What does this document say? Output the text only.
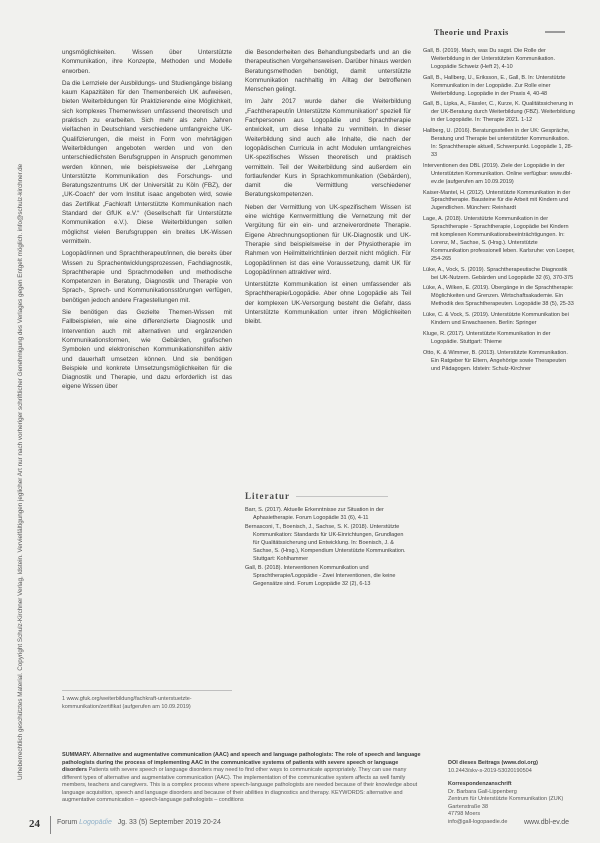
Urheberrechtlich geschütztes Material. Copyright Schulz-Kirchner Verlag, Idstein. Vervielfältigungen jeglicher Art nur nach vorheriger schriftlicher Genehmigung des Verlages gegen Entgelt möglich. info@schulz-kirchner.de
Theorie und Praxis

ungsmöglichkeiten. Wissen über Unterstützte Kommunikation, ihre Konzepte, Methoden und Modelle erworben.

Da die Lernziele der Ausbildungs- und Studiengänge bislang kaum Kapazitäten für den Themenbereich UK aufweisen, bieten Weiterbildungen für Praktizierende eine Möglichkeit, sich komplexes Themenwissen umfassend theoretisch und praktisch zu erarbeiten. Sich mehr als zehn Jahren vielfachen in Deutschland verschiedene umfangreiche UK-Qualifizierungen, die meist in Form von mehrtägigen Weiterbildungen angeboten werden und von den unterschiedlichsten Berufsgruppen in Anspruch genommen werden können, wie beispielsweise der „Lehrgang Unterstützte Kommunikation des Forschungs- und Beratungszentrums UK der Universität zu Köln (FBZ), der „UK-Coach“ der vom Institut isaac angeboten wird, sowie das Zertifikat „Fachkraft Unterstützte Kommunikation nach Standard der GfUK e.V.“ (Gesellschaft für Unterstützte Kommunikation e.V.). Diese Weiterbildungen sollen möglichst vielen Berufsgruppen ein breites UK-Wissen vermitteln.

Logopäd/innen und Sprachtherapeut/innen, die bereits über Wissen zu Sprachentwicklungsprozessen, Fachdiagnostik, Sprachtherapie und Sprachmodellen und methodische Kompetenzen in Beratung, Diagnostik und Therapie von Sprach-, Sprech- und Kommunikationsstörungen verfügen, benötigen jedoch andere Fragestellungen mit.

Sie benötigen das Gezielte Themen-Wissen mit Fallbeispielen, wie eine differenzierte Diagnostik und Intervention auch mit alternativen und ergänzenden Kommunikationsformen, wie Gebärden, grafischen Symbolen und elektronischen Kommunikationshilfen aktiv und dauerhaft umsetzen können. Und sie benötigen Beispiele und konkrete Umsetzungsmöglichkeiten für die Diagnostik und Therapie, und dazu erforderlich ist das eigene Wissen über

die Besonderheiten des Behandlungsbedarfs und an die therapeutischen Vorgehensweisen. Darüber hinaus werden Beratungsmethoden benötigt, damit unterstützte Kommunikation nachhaltig im Alltag der betroffenen Menschen gelingt.

Im Jahr 2017 wurde daher die Weiterbildung „Fachtherapeut/in Unterstützte Kommunikation“ speziell für Fachpersonen aus Logopädie und Sprachtherapie entwickelt, um diese Inhalte zu vermitteln. In dieser Weiterbildung sind auch alle Inhalte, die nach der logopädischen Curricula in acht Modulen umfangreiches UK-spezifisches Wissen theoretisch und praktisch vermitteln. Teil der Weiterbildung sind außerdem ein fortlaufender Kurs in Sprachkommunikation (Gebärden), damit die Vermittlung verschiedener Beratungskompetenzen.

Neben der Vermittlung von UK-spezifischem Wissen ist eine wichtige Kernvermittlung die Vernetzung mit der Vergütung für ein ein- und arzneiverordnete Therapie. Eigene Abrechnungsoptionen für UK-Diagnostik und UK-Therapie sind beispielsweise in der Physiotherapie im Rahmen von Heilmittelrichtlinien derzeit nicht möglich. Für Logopäd/innen ist das eine Voraussetzung, damit UK für Logopäd/innen attraktiver wird.

Unterstützte Kommunikation ist einen umfassender als Sprachtherapie/Logopädie. Aber ohne Logopädie als Teil der komplexen UK-Versorgung besteht die Gefahr, dass Unterstützte Kommunikation unter ihren Möglichkeiten bleibt.

Literatur

Barr, S. (2017). Aktuelle Erkenntnisse zur Situation in der Aphasietherapie. Forum Logopädie 31 (6), 4-11

Bernasconi, T., Boenisch, J., Sachse, S. K. (2018). Unterstützte Kommunikation: Standards für UK-Einrichtungen, Grundlagen für Qualitätssicherung und Entwicklung. In: Boenisch, J. & Sachse, S. (Hrsg.), Kompendium Unterstützte Kommunikation. Stuttgart: Kohlhammer

Gall, B. (2018). Interventionen Kommunikation und Sprachtherapie/Logopädie - Zwei Interventionen, die keine Gegensätze sind. Forum Logopädie 32 (2), 6-13

Gall, B. (2019). Mach, was Du sagst. Die Rolle der Weiterbildung in der Unterstützten Kommunikation. Logopädie Schweiz (Heft 2), 4-10

Gall, B., Hallberg, U., Eriksson, E., Gall, B. In: Unterstützte Kommunikation in der Logopädie. Zur Rolle einer Weiterbildung. Logopädie in der Praxis 4, 40-48

Gall, B., Lipka, A., Fässler, C., Kurze, K. Qualitätssicherung in der UK-Beratung durch Weiterbildung (FBZ). Weiterbildung in der Logopädie. In: Therapie 2021. 1-12

Hallberg, U. (2016). Beratungsstellen in der UK: Gespräche, Beratung und Therapie bei unterstützter Kommunikation. In: Sprachtherapie aktuell, Schwerpunkt. Logopädie 1, 28-33

Interventionen des DBL (2019). Ziele der Logopädie in der Unterstützten Kommunikation. Online verfügbar: www.dbl-ev.de (aufgerufen am 10.09.2019)

Kaiser-Mantel, H. (2012). Unterstützte Kommunikation in der Sprachtherapie. Bausteine für die Arbeit mit Kindern und Jugendlichen. München: Reinhardt

Lage, A. (2018). Unterstützte Kommunikation in der Sprachtherapie - Sprachtherapie, Logopädie bei Kindern mit komplexen Kommunikationsbeeinträchtigungen. In: Lorenz, M., Sachse, S. (Hrsg.). Unterstützte Kommunikation professionell leben. Karlsruhe: von Loeper, 254-265

Lüke, A., Vock, S. (2019). Sprachtherapeutische Diagnostik bei UK-Nutzern. Gebärden und Logopädie 32 (6), 370-375

Lüke, A., Wilken, E. (2019). Übergänge in die Sprachtherapie: Möglichkeiten und Grenzen. Wirtschaftsakademie. Ein Methodik des Sprachtherapeuten. Logopädie 38 (5), 25-33

Lüke, C. & Vock, S. (2019). Unterstützte Kommunikation bei Kindern und Erwachsenen. Berlin: Springer

Kluge, R. (2017). Unterstützte Kommunikation in der Logopädie. Stuttgart: Thieme

Otto, K. & Wimmer, B. (2013). Unterstützte Kommunikation. Ein Ratgeber für Eltern, Angehörige sowie Therapeuten und Pädagogen. Idstein: Schulz-Kirchner

1 www.gfuk.org/weiterbildung/fachkraft-unterstuetzte-kommunikation/zertifikat (aufgerufen am 10.09.2019)
SUMMARY. Alternative and augmentative communication (AAC) and speech and language pathologists: The role of speech and language pathologists during the process of implementing AAC in the communicative systems of patients with severe speech or language disorders Patients with severe speech or language disorders may need to find other ways to communicate appropriately. They can use many different types of alternative and augmentative communication (AAC). The implementation of the communicative system affects as well family members, teachers and caregivers. This is a complex process where speech-language pathologists are needed because of their knowledge about language acquisition, speech and language disorders and because of their abilities in diagnostics and therapy. KEYWORDS: alternative and augmentative communication – speech-language pathologists – conditions
DOI dieses Beitrags (www.doi.org)
10.2443/skv-s-2019-53020190504
Korrespondenzanschrift
Dr. Barbara Gall-Lippenberg
Zentrum für Unterstützte Kommunikation (ZUK)
Gartenstraße 38
47798 Moers
info@gall-logopaedie.de
24 Forum Logopädie Jg. 33 (5) September 2019 20-24	www.dbl-ev.de
